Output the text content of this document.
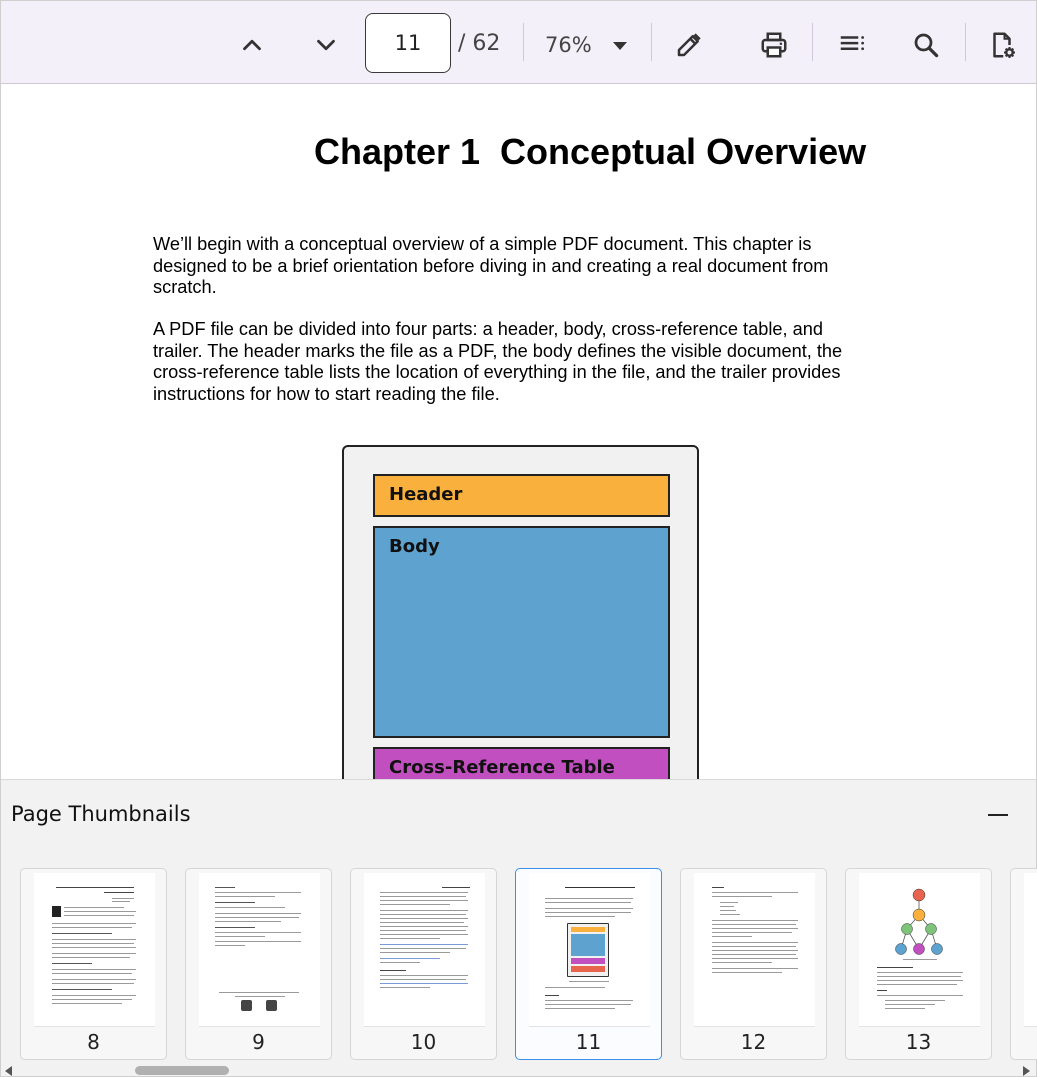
11
/ 62 76%
Chapter 1  Conceptual Overview

We’ll begin with a conceptual overview of a simple PDF document. This chapter is designed to be a brief orientation before diving in and creating a real document from scratch.

A PDF file can be divided into four parts: a header, body, cross-reference table, and trailer. The header marks the file as a PDF, the body defines the visible document, the cross-reference table lists the location of everything in the file, and the trailer provides instructions for how to start reading the file.

Header
Body
Cross-Reference Table
Page Thumbnails
8	9	10	11	12	13
